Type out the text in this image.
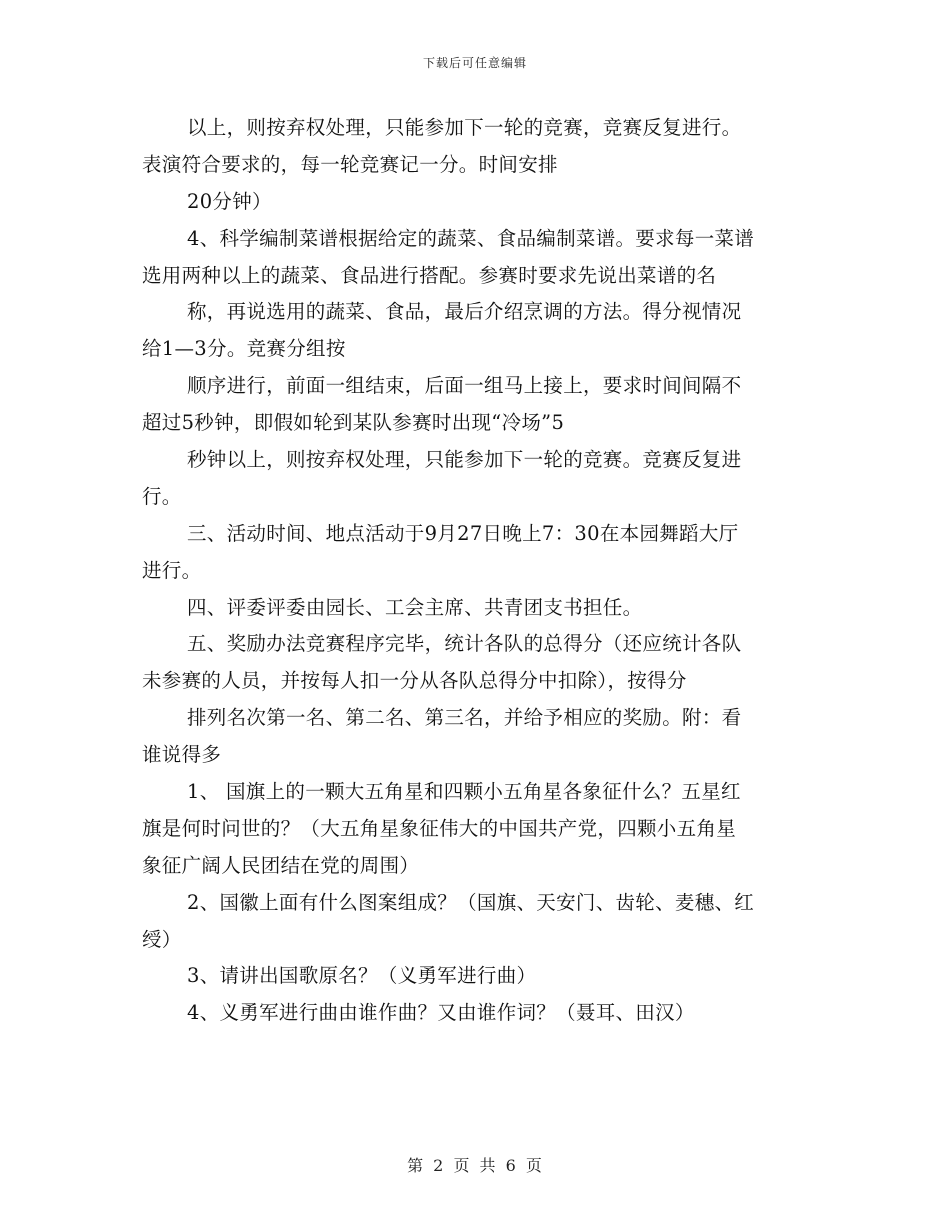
下载后可任意编辑
以上，则按弃权处理，只能参加下一轮的竞赛，竞赛反复进行。
表演符合要求的，每一轮竞赛记一分。时间安排
20分钟）
4、科学编制菜谱根据给定的蔬菜、食品编制菜谱。要求每一菜谱
选用两种以上的蔬菜、食品进行搭配。参赛时要求先说出菜谱的名
称，再说选用的蔬菜、食品，最后介绍烹调的方法。得分视情况
给1—3分。竞赛分组按
顺序进行，前面一组结束，后面一组马上接上，要求时间间隔不
超过5秒钟，即假如轮到某队参赛时出现“冷场”5
秒钟以上，则按弃权处理，只能参加下一轮的竞赛。竞赛反复进
行。
三、活动时间、地点活动于9月27日晚上7：30在本园舞蹈大厅
进行。
四、评委评委由园长、工会主席、共青团支书担任。
五、奖励办法竞赛程序完毕，统计各队的总得分（还应统计各队
未参赛的人员，并按每人扣一分从各队总得分中扣除），按得分
排列名次第一名、第二名、第三名，并给予相应的奖励。附：看
谁说得多
1、 国旗上的一颗大五角星和四颗小五角星各象征什么？五星红
旗是何时问世的？（大五角星象征伟大的中国共产党，四颗小五角星
象征广阔人民团结在党的周围）
2、国徽上面有什么图案组成？（国旗、天安门、齿轮、麦穗、红
绶）
3、请讲出国歌原名？（义勇军进行曲）
4、义勇军进行曲由谁作曲？又由谁作词？（聂耳、田汉）
第 2 页 共 6 页
